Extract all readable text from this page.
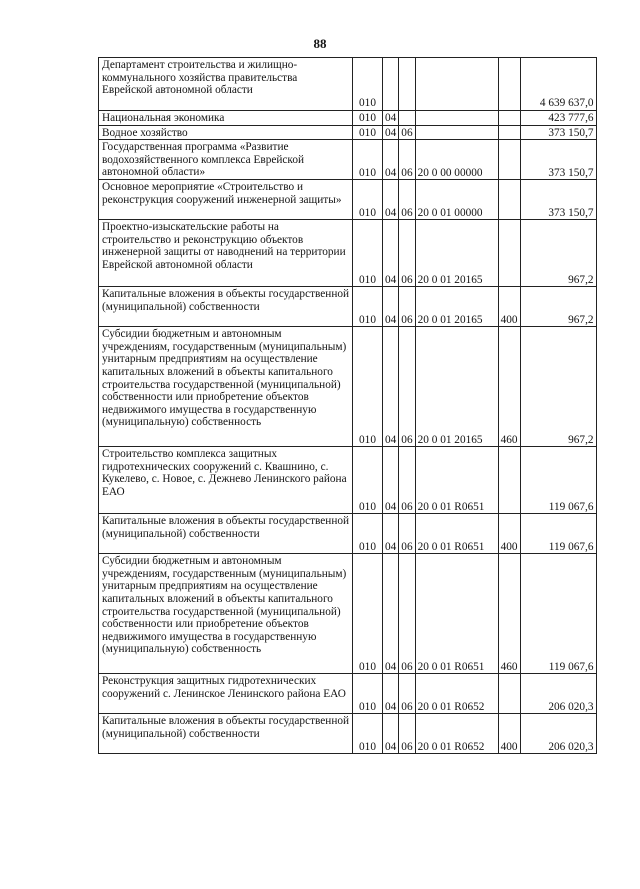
88
Департамент строительства и жилищно-коммунального хозяйства правительства Еврейской автономной области	010					4 639 637,0
Национальная экономика	010	04				423 777,6
Водное хозяйство	010	04	06			373 150,7
Государственная программа «Развитие водохозяйственного комплекса Еврейской автономной области»	010	04	06	20 0 00 00000		373 150,7
Основное мероприятие «Строительство и реконструкция сооружений инженерной защиты»	010	04	06	20 0 01 00000		373 150,7
Проектно-изыскательские работы на строительство и реконструкцию объектов инженерной защиты от наводнений на территории Еврейской автономной области	010	04	06	20 0 01 20165		967,2
Капитальные вложения в объекты государственной (муниципальной) собственности	010	04	06	20 0 01 20165	400	967,2
Субсидии бюджетным и автономным учреждениям, государственным (муниципальным) унитарным предприятиям на осуществление капитальных вложений в объекты капитального строительства государственной (муниципальной) собственности или приобретение объектов недвижимого имущества в государственную (муниципальную) собственность	010	04	06	20 0 01 20165	460	967,2
Строительство комплекса защитных гидротехнических сооружений с. Квашнино, с. Кукелево, с. Новое, с. Дежнево Ленинского района ЕАО	010	04	06	20 0 01 R0651		119 067,6
Капитальные вложения в объекты государственной (муниципальной) собственности	010	04	06	20 0 01 R0651	400	119 067,6
Субсидии бюджетным и автономным учреждениям, государственным (муниципальным) унитарным предприятиям на осуществление капитальных вложений в объекты капитального строительства государственной (муниципальной) собственности или приобретение объектов недвижимого имущества в государственную (муниципальную) собственность	010	04	06	20 0 01 R0651	460	119 067,6
Реконструкция защитных гидротехнических сооружений с. Ленинское Ленинского района ЕАО	010	04	06	20 0 01 R0652		206 020,3
Капитальные вложения в объекты государственной (муниципальной) собственности	010	04	06	20 0 01 R0652	400	206 020,3
